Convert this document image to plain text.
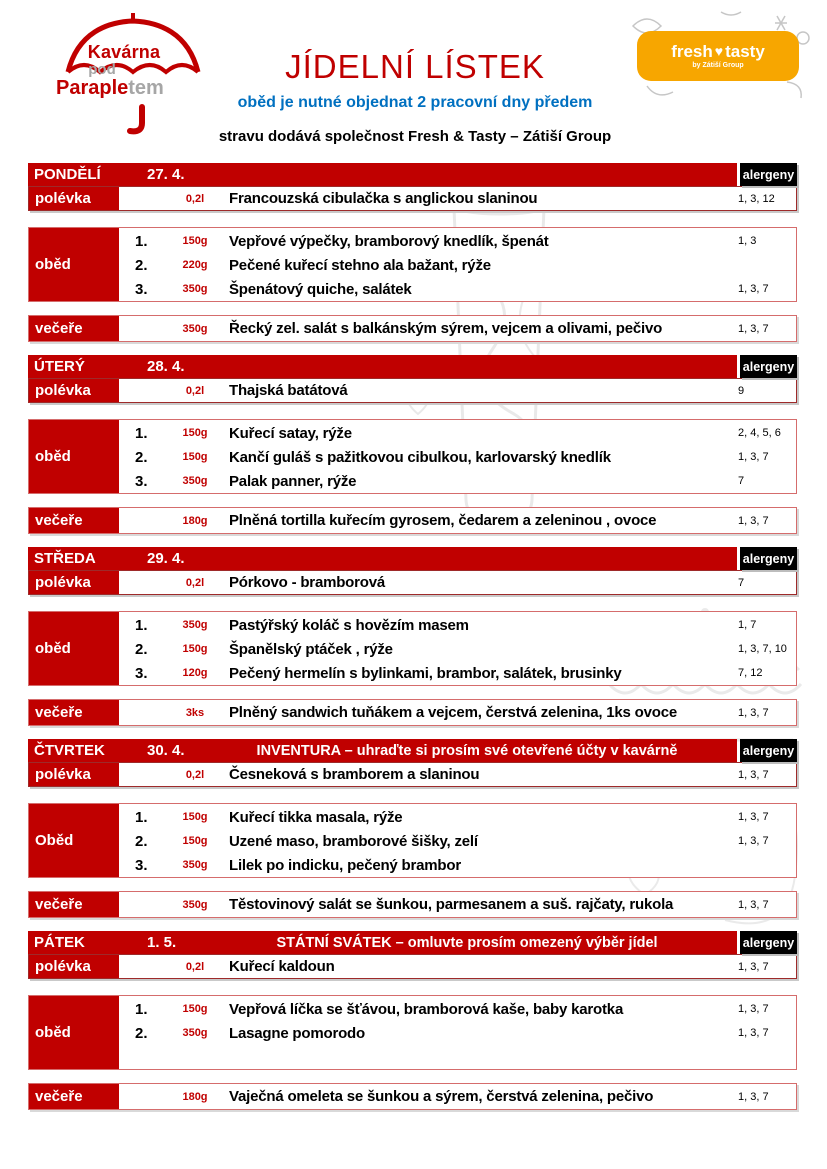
Kavárna
pod
Parapletem
JÍDELNÍ LÍSTEK
oběd je nutné objednat 2 pracovní dny předem
stravu dodává společnost Fresh & Tasty – Zátiší Group
fresh ♥ tasty
by Zátiší Group
PONDĚLÍ	27. 4.	alergeny
polévka	0,2l	Francouzská cibulačka s anglickou slaninou	1, 3, 12
oběd
1.	150g	Vepřové výpečky, bramborový knedlík, špenát	1, 3
2.	220g	Pečené kuřecí stehno ala bažant, rýže
3.	350g	Špenátový quiche, salátek	1, 3, 7
večeře	350g	Řecký zel. salát s balkánským sýrem, vejcem a olivami, pečivo	1, 3, 7
ÚTERÝ	28. 4.	alergeny
polévka	0,2l	Thajská batátová	9
oběd
1.	150g	Kuřecí satay, rýže	2, 4, 5, 6
2.	150g	Kančí guláš s pažitkovou cibulkou, karlovarský knedlík	1, 3, 7
3.	350g	Palak panner, rýže	7
večeře	180g	Plněná tortilla kuřecím gyrosem, čedarem a zeleninou , ovoce	1, 3, 7
STŘEDA	29. 4.	alergeny
polévka	0,2l	Pórkovo - bramborová	7
oběd
1.	350g	Pastýřský koláč s hovězím masem	1, 7
2.	150g	Španělský ptáček , rýže	1, 3, 7, 10
3.	120g	Pečený hermelín s bylinkami, brambor, salátek, brusinky	7, 12
večeře	3ks	Plněný sandwich tuňákem a vejcem, čerstvá zelenina, 1ks ovoce	1, 3, 7
ČTVRTEK	30. 4.	INVENTURA – uhraďte si prosím své otevřené účty v kavárně	alergeny
polévka	0,2l	Česneková s bramborem a slaninou	1, 3, 7
Oběd
1.	150g	Kuřecí tikka masala, rýže	1, 3, 7
2.	150g	Uzené maso, bramborové šišky, zelí	1, 3, 7
3.	350g	Lilek po indicku, pečený brambor
večeře	350g	Těstovinový salát se šunkou, parmesanem a suš. rajčaty, rukola	1, 3, 7
PÁTEK	1. 5.	STÁTNÍ SVÁTEK – omluvte prosím omezený výběr jídel	alergeny
polévka	0,2l	Kuřecí kaldoun	1, 3, 7
oběd
1.	150g	Vepřová líčka se šťávou, bramborová kaše, baby karotka	1, 3, 7
2.	350g	Lasagne pomorodo	1, 3, 7
večeře	180g	Vaječná omeleta se šunkou a sýrem, čerstvá zelenina, pečivo	1, 3, 7
